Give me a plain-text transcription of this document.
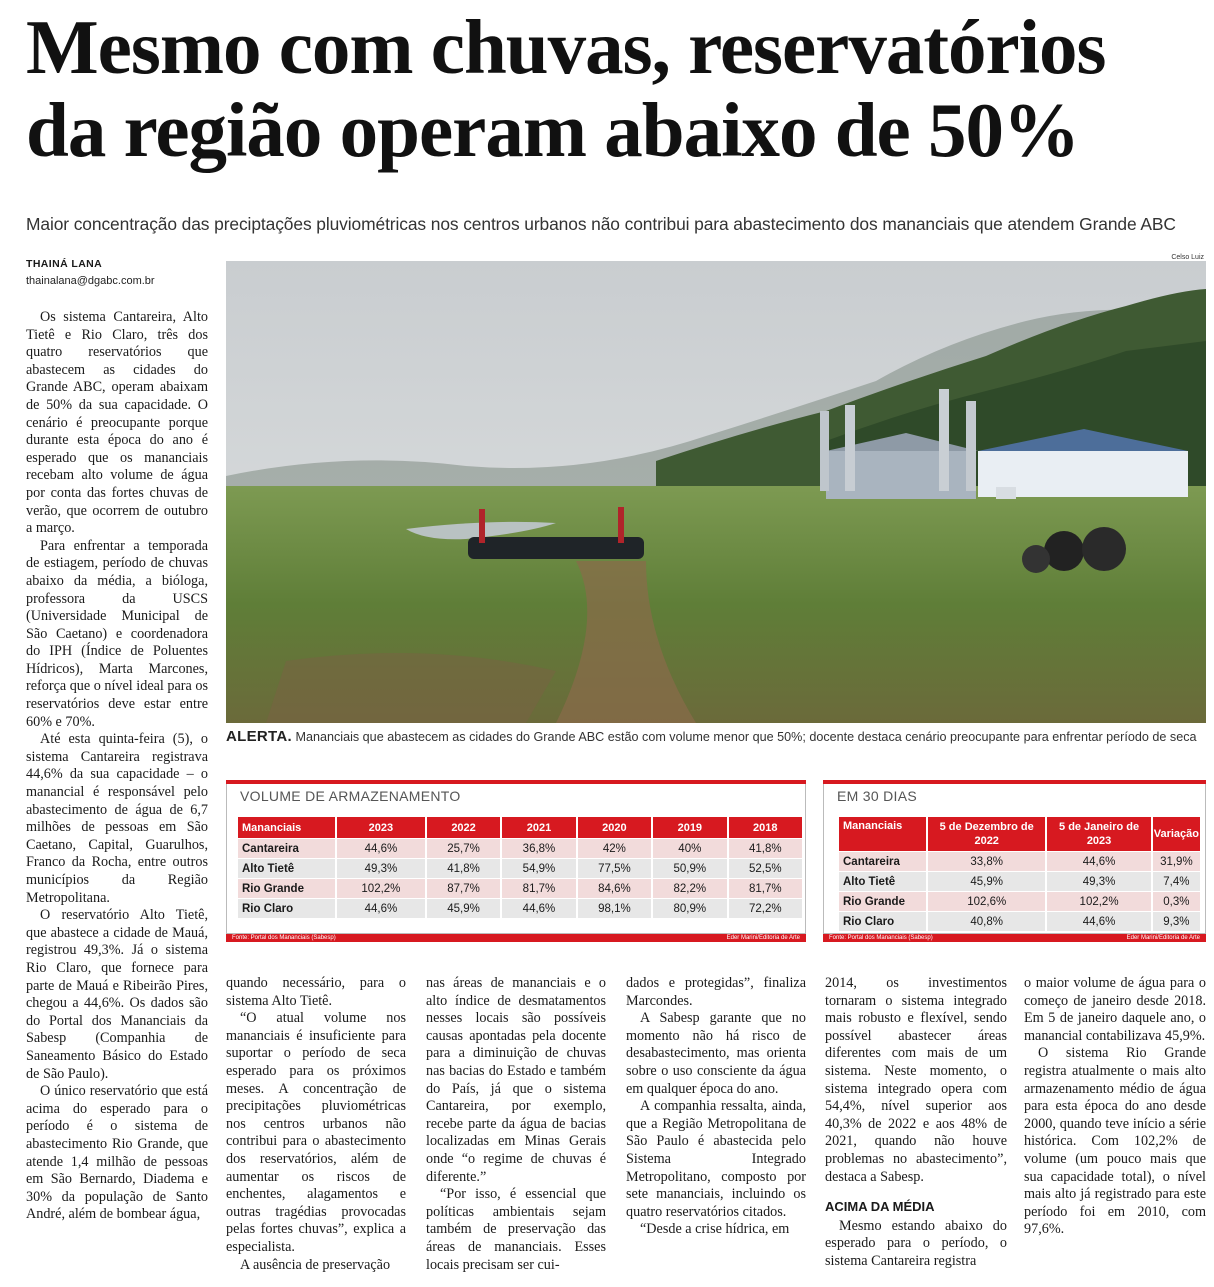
Mesmo com chuvas, reservatórios
da região operam abaixo de 50%
Maior concentração das preciptações pluviométricas nos centros urbanos não contribui para abastecimento dos mananciais que atendem Grande ABC
THAINÁ LANA
thainalana@dgabc.com.br
Celso Luiz
ALERTA. Mananciais que abastecem as cidades do Grande ABC estão com volume menor que 50%; docente destaca cenário preocupante para enfrentar período de seca

Os sistema Cantareira, Alto Tietê e Rio Claro, três dos quatro reservatórios que abastecem as cidades do Grande ABC, operam abaixam de 50% da sua capacidade. O cenário é preocupante porque durante esta época do ano é esperado que os mananciais recebam alto volume de água por conta das fortes chuvas de verão, que ocorrem de outubro a março.

Para enfrentar a temporada de estiagem, período de chuvas abaixo da média, a bióloga, professora da USCS (Universidade Municipal de São Caetano) e coordenadora do IPH (Índice de Poluentes Hídricos), Marta Marcones, reforça que o nível ideal para os reservatórios deve estar entre 60% e 70%.

Até esta quinta-feira (5), o sistema Cantareira registrava 44,6% da sua capacidade – o manancial é responsável pelo abastecimento de água de 6,7 milhões de pessoas em São Caetano, Capital, Guarulhos, Franco da Rocha, entre outros municípios da Região Metropolitana.

O reservatório Alto Tietê, que abastece a cidade de Mauá, registrou 49,3%. Já o sistema Rio Claro, que fornece para parte de Mauá e Ribeirão Pires, chegou a 44,6%. Os dados são do Portal dos Mananciais da Sabesp (Companhia de Saneamento Básico do Estado de São Paulo).

O único reservatório que está acima do esperado para o período é o sistema de abastecimento Rio Grande, que atende 1,4 milhão de pessoas em São Bernardo, Diadema e 30% da população de Santo André, além de bombear água,

VOLUME DE ARMAZENAMENTO
Mananciais	2023	2022	2021	2020	2019	2018
Cantareira	44,6%	25,7%	36,8%	42%	40%	41,8%
Alto Tietê	49,3%	41,8%	54,9%	77,5%	50,9%	52,5%
Rio Grande	102,2%	87,7%	81,7%	84,6%	82,2%	81,7%
Rio Claro	44,6%	45,9%	44,6%	98,1%	80,9%	72,2%
Fonte: Portal dos Mananciais (Sabesp)	Eder Marini/Editoria de Arte
EM 30 DIAS
Mananciais	5 de Dezembro de 2022	5 de Janeiro de 2023	Variação
Cantareira	33,8%	44,6%	31,9%
Alto Tietê	45,9%	49,3%	7,4%
Rio Grande	102,6%	102,2%	0,3%
Rio Claro	40,8%	44,6%	9,3%
Fonte: Portal dos Mananciais (Sabesp)	Eder Marini/Editoria de Arte

quando necessário, para o sistema Alto Tietê.

“O atual volume nos mananciais é insuficiente para suportar o período de seca esperado para os próximos meses. A concentração de precipitações pluviométricas nos centros urbanos não contribui para o abastecimento dos reservatórios, além de aumentar os riscos de enchentes, alagamentos e outras tragédias provocadas pelas fortes chuvas”, explica a especialista.

A ausência de preservação

nas áreas de mananciais e o alto índice de desmatamentos nesses locais são possíveis causas apontadas pela docente para a diminuição de chuvas nas bacias do Estado e também do País, já que o sistema Cantareira, por exemplo, recebe parte da água de bacias localizadas em Minas Gerais onde “o regime de chuvas é diferente.”

“Por isso, é essencial que políticas ambientais sejam também de preservação das áreas de mananciais. Esses locais precisam ser cui-

dados e protegidas”, finaliza Marcondes.

A Sabesp garante que no momento não há risco de desabastecimento, mas orienta sobre o uso consciente da água em qualquer época do ano.

A companhia ressalta, ainda, que a Região Metropolitana de São Paulo é abastecida pelo Sistema Integrado Metropolitano, composto por sete mananciais, incluindo os quatro reservatórios citados.

“Desde a crise hídrica, em

2014, os investimentos tornaram o sistema integrado mais robusto e flexível, sendo possível abastecer áreas diferentes com mais de um sistema. Neste momento, o sistema integrado opera com 54,4%, nível superior aos 40,3% de 2022 e aos 48% de 2021, quando não houve problemas no abastecimento”, destaca a Sabesp.

ACIMA DA MÉDIA

Mesmo estando abaixo do esperado para o período, o sistema Cantareira registra

o maior volume de água para o começo de janeiro desde 2018. Em 5 de janeiro daquele ano, o manancial contabilizava 45,9%.

O sistema Rio Grande registra atualmente o mais alto armazenamento médio de água para esta época do ano desde 2000, quando teve início a série histórica. Com 102,2% de volume (um pouco mais que sua capacidade total), o nível mais alto já registrado para este período foi em 2010, com 97,6%.
